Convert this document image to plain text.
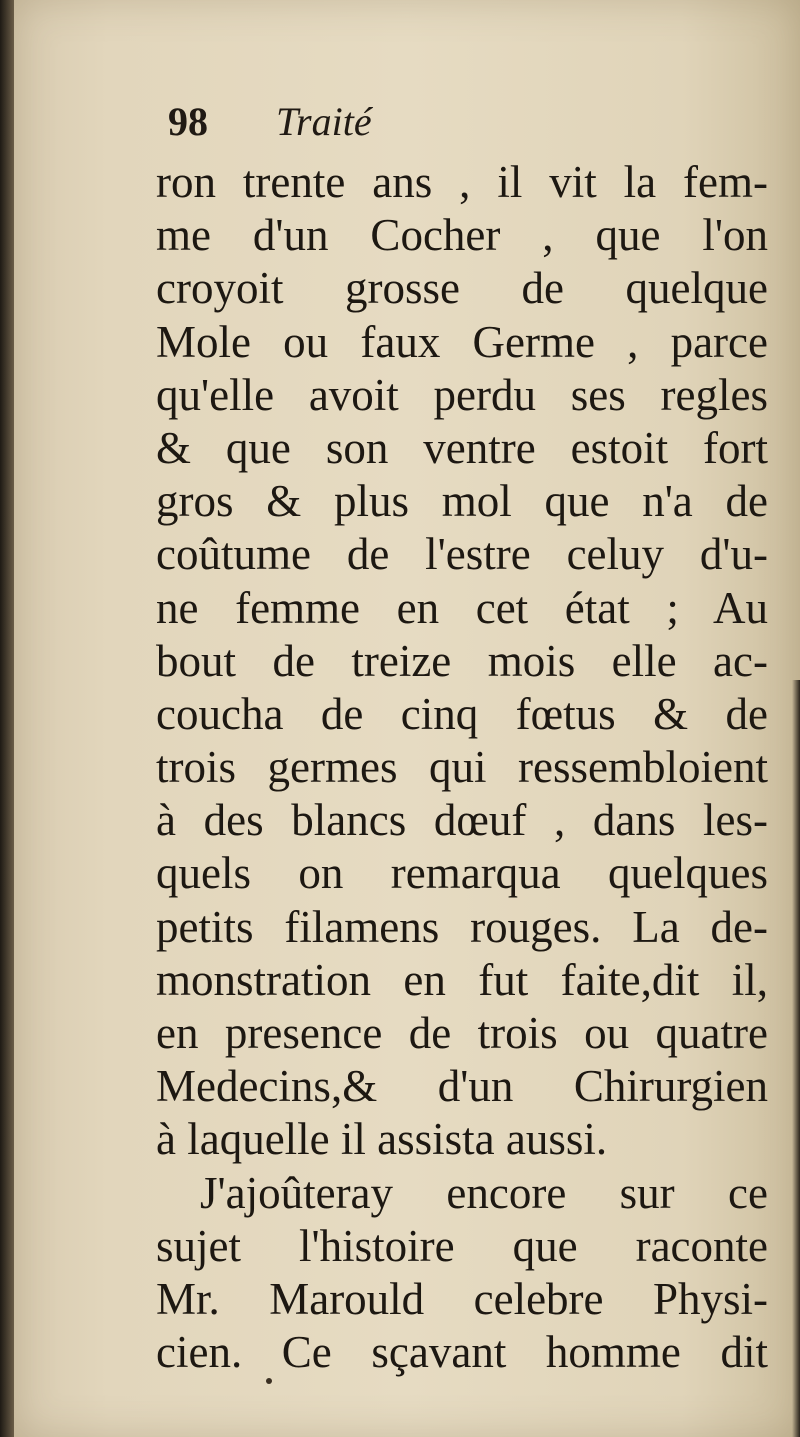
98 Traité
ron trente ans , il vit la fem-
me d'un Cocher , que l'on
croyoit grosse de quelque
Mole ou faux Germe , parce
qu'elle avoit perdu ses regles
& que son ventre estoit fort
gros & plus mol que n'a de
coûtume de l'estre celuy d'u-
ne femme en cet état ; Au
bout de treize mois elle ac-
coucha de cinq fœtus & de
trois germes qui ressembloient
à des blancs dœuf , dans les-
quels on remarqua quelques
petits filamens rouges. La de-
monstration en fut faite,dit il,
en presence de trois ou quatre
Medecins,& d'un Chirurgien
à laquelle il assista aussi.
J'ajoûteray encore sur ce
sujet l'histoire que raconte
Mr. Marould celebre Physi-
cien. Ce sçavant homme dit
